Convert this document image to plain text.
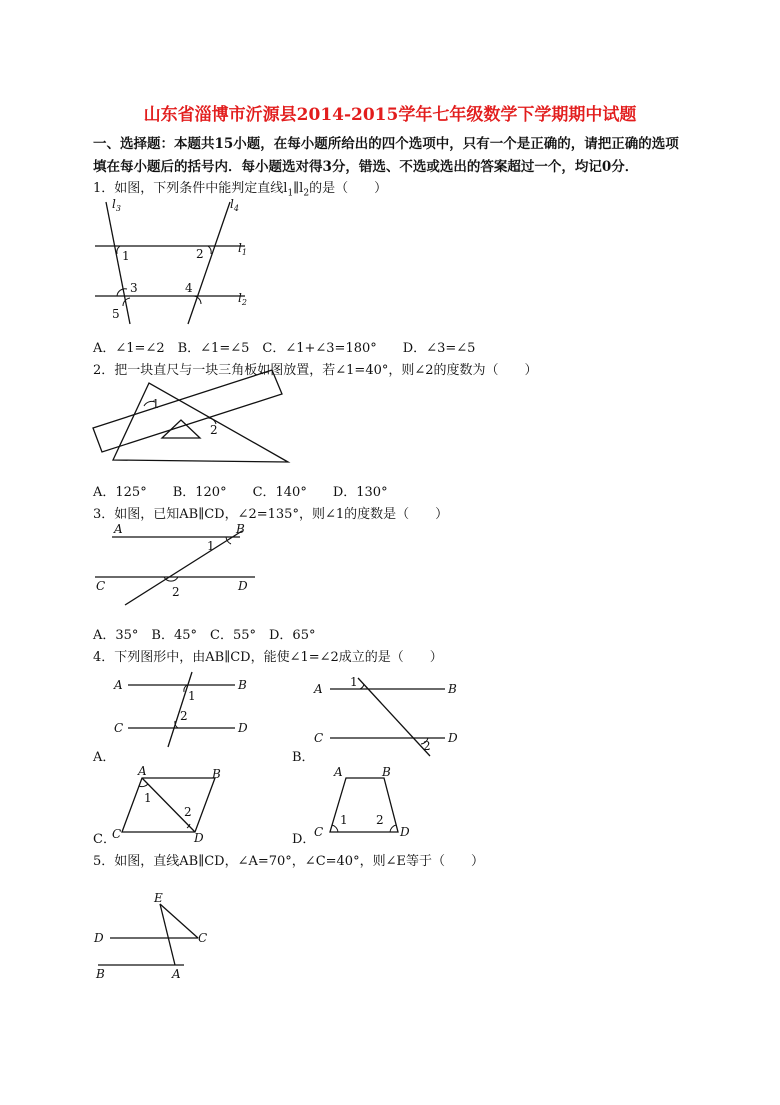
山东省淄博市沂源县2014-2015学年七年级数学下学期期中试题
一、选择题：本题共15小题，在每小题所给出的四个选项中，只有一个是正确的，请把正确的选项
填在每小题后的括号内．每小题选对得3分，错选、不选或选出的答案超过一个，均记0分．
1．如图，下列条件中能判定直线$l_1\parallel l_2$的是（　　）
$l_3$	$l_4$
$l_1$
$l_2$
1	2
3	4
5
A．∠1=∠2　B．∠1=∠5　C．∠1+∠3=180°　　D．∠3=∠5
2．把一块直尺与一块三角板如图放置，若∠1=40°，则∠2的度数为（　　）
1
2
A．125°　　B．120°　　C．140°　　D．130°
3．如图，已知AB∥CD，∠2=135°，则∠1的度数是（　　）
A	B
C	D
1
2
A．35°　B．45°　C．55°　D．65°
4．下列图形中，由AB∥CD，能使∠1=∠2成立的是（　　）
A	B
C	D
1
2
A．
A	B
C	D
1
2
B．
A	B
C	D
1
2
C．
A	B
C	D
1 2
D．
5．如图，直线AB∥CD，∠A=70°，∠C=40°，则∠E等于（　　）
E
D	C
B	A
